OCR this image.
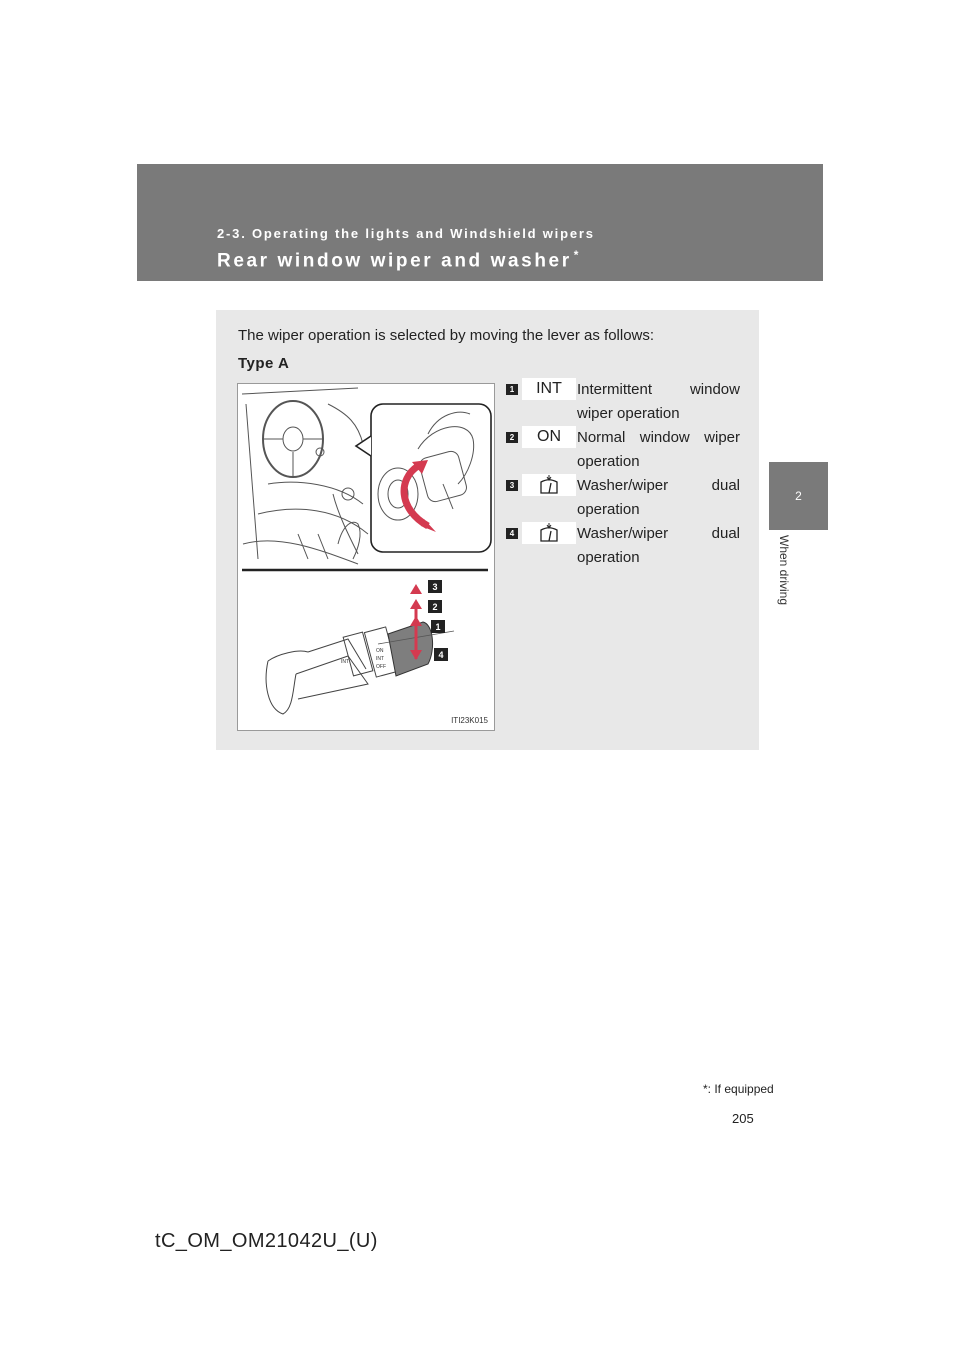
2-3. Operating the lights and Windshield wipers
Rear window wiper and washer *
2
When driving
The wiper operation is selected by moving the lever as follows:
Type A
INT
ON
INT
OFF
3
2
1
4
ITI23K015
1	INT	Intermittent window wiper operation
2	ON	Normal window wiper operation
3	Washer/wiper dual operation
4	Washer/wiper dual operation
*: If equipped
205
tC_OM_OM21042U_(U)
